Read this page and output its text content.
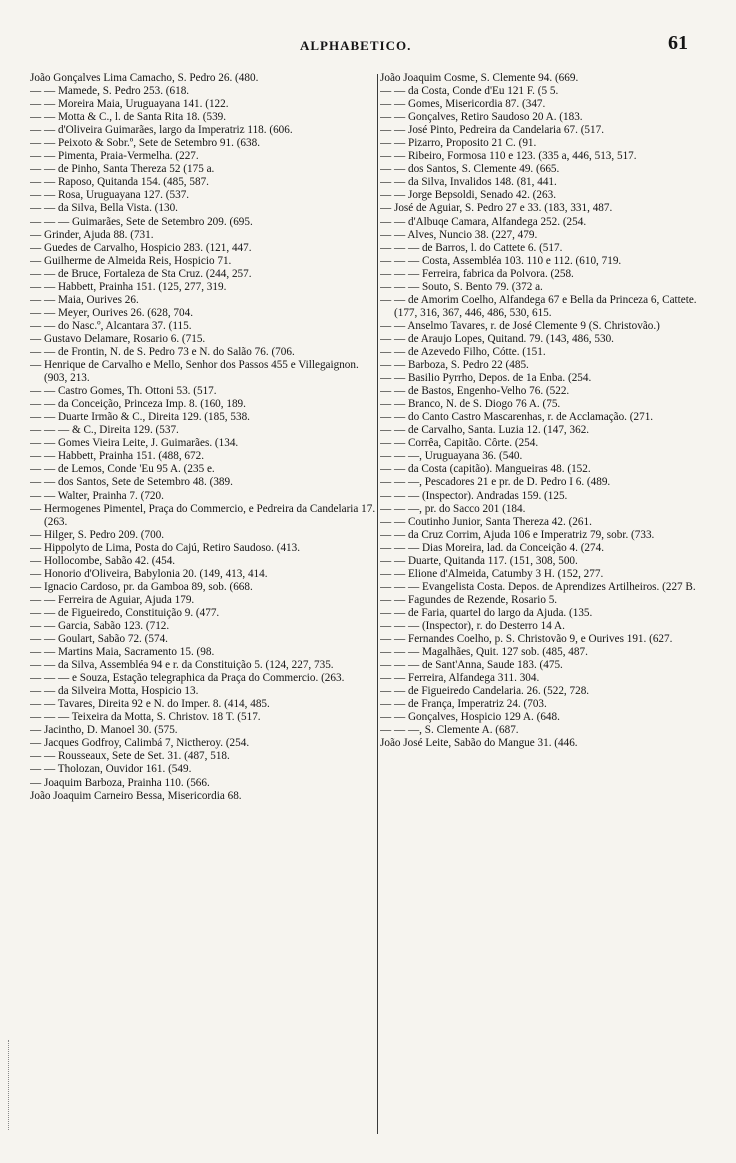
ALPHABETICO.	61

João Gonçalves Lima Camacho, S. Pedro 26. (480.

— — Mamede, S. Pedro 253. (618.

— — Moreira Maia, Uruguayana 141. (122.

— — Motta & C., l. de Santa Rita 18. (539.

— — d'Oliveira Guimarães, largo da Imperatriz 118. (606.

— — Peixoto & Sobr.º, Sete de Setembro 91. (638.

— — Pimenta, Praia-Vermelha. (227.

— — de Pinho, Santa Thereza 52 (175 a.

— — Raposo, Quitanda 154. (485, 587.

— — Rosa, Uruguayana 127. (537.

— — da Silva, Bella Vista. (130.

— — — Guimarães, Sete de Setembro 209. (695.

— Grinder, Ajuda 88. (731.

— Guedes de Carvalho, Hospicio 283. (121, 447.

— Guilherme de Almeida Reis, Hospicio 71.

— — de Bruce, Fortaleza de Sta Cruz. (244, 257.

— — Habbett, Prainha 151. (125, 277, 319.

— — Maia, Ourives 26.

— — Meyer, Ourives 26. (628, 704.

— — do Nasc.º, Alcantara 37. (115.

— Gustavo Delamare, Rosario 6. (715.

— — de Frontin, N. de S. Pedro 73 e N. do Salão 76. (706.

— Henrique de Carvalho e Mello, Senhor dos Passos 455 e Villegaignon. (903, 213.

— — Castro Gomes, Th. Ottoni 53. (517.

— — da Conceição, Princeza Imp. 8. (160, 189.

— — Duarte Irmão & C., Direita 129. (185, 538.

— — — & C., Direita 129. (537.

— — Gomes Vieira Leite, J. Guimarães. (134.

— — Habbett, Prainha 151. (488, 672.

— — de Lemos, Conde 'Eu 95 A. (235 e.

— — dos Santos, Sete de Setembro 48. (389.

— — Walter, Prainha 7. (720.

— Hermogenes Pimentel, Praça do Commercio, e Pedreira da Candelaria 17. (263.

— Hilger, S. Pedro 209. (700.

— Hippolyto de Lima, Posta do Cajú, Retiro Saudoso. (413.

— Hollocombe, Sabão 42. (454.

— Honorio d'Oliveira, Babylonia 20. (149, 413, 414.

— Ignacio Cardoso, pr. da Gamboa 89, sob. (668.

— — Ferreira de Aguiar, Ajuda 179.

— — de Figueiredo, Constituição 9. (477.

— — Garcia, Sabão 123. (712.

— — Goulart, Sabão 72. (574.

— — Martins Maia, Sacramento 15. (98.

— — da Silva, Assembléa 94 e r. da Constituição 5. (124, 227, 735.

— — — e Souza, Estação telegraphica da Praça do Commercio. (263.

— — da Silveira Motta, Hospicio 13.

— — Tavares, Direita 92 e N. do Imper. 8. (414, 485.

— — — Teixeira da Motta, S. Christov. 18 T. (517.

— Jacintho, D. Manoel 30. (575.

— Jacques Godfroy, Calimbá 7, Nictheroy. (254.

— — Rousseaux, Sete de Set. 31. (487, 518.

— — Tholozan, Ouvidor 161. (549.

— Joaquim Barboza, Prainha 110. (566.

João Joaquim Carneiro Bessa, Misericordia 68.

João Joaquim Cosme, S. Clemente 94. (669.

— — da Costa, Conde d'Eu 121 F. (5 5.

— — Gomes, Misericordia 87. (347.

— — Gonçalves, Retiro Saudoso 20 A. (183.

— — José Pinto, Pedreira da Candelaria 67. (517.

— — Pizarro, Proposito 21 C. (91.

— — Ribeiro, Formosa 110 e 123. (335 a, 446, 513, 517.

— — dos Santos, S. Clemente 49. (665.

— — da Silva, Invalidos 148. (81, 441.

— — Jorge Bepsoldi, Senado 42. (263.

— José de Aguiar, S. Pedro 27 e 33. (183, 331, 487.

— — d'Albuqe Camara, Alfandega 252. (254.

— — Alves, Nuncio 38. (227, 479.

— — — de Barros, l. do Cattete 6. (517.

— — — Costa, Assembléa 103. 110 e 112. (610, 719.

— — — Ferreira, fabrica da Polvora. (258.

— — — Souto, S. Bento 79. (372 a.

— — de Amorim Coelho, Alfandega 67 e Bella da Princeza 6, Cattete. (177, 316, 367, 446, 486, 530, 615.

— — Anselmo Tavares, r. de José Clemente 9 (S. Christovão.)

— — de Araujo Lopes, Quitand. 79. (143, 486, 530.

— — de Azevedo Filho, Cótte. (151.

— — Barboza, S. Pedro 22 (485.

— — Basilio Pyrrho, Depos. de 1a Enba. (254.

— — de Bastos, Engenho-Velho 76. (522.

— — Branco, N. de S. Diogo 76 A. (75.

— — do Canto Castro Mascarenhas, r. de Acclamação. (271.

— — de Carvalho, Santa. Luzia 12. (147, 362.

— — Corrêa, Capitão. Côrte. (254.

— — —, Uruguayana 36. (540.

— — da Costa (capitão). Mangueiras 48. (152.

— — —, Pescadores 21 e pr. de D. Pedro I 6. (489.

— — — (Inspector). Andradas 159. (125.

— — —, pr. do Sacco 201 (184.

— — Coutinho Junior, Santa Thereza 42. (261.

— — da Cruz Corrim, Ajuda 106 e Imperatriz 79, sobr. (733.

— — — Dias Moreira, lad. da Conceição 4. (274.

— — Duarte, Quitanda 117. (151, 308, 500.

— — Elione d'Almeida, Catumby 3 H. (152, 277.

— — — Evangelista Costa. Depos. de Aprendizes Artilheiros. (227 B.

— — Fagundes de Rezende, Rosario 5.

— — de Faria, quartel do largo da Ajuda. (135.

— — — (Inspector), r. do Desterro 14 A.

— — Fernandes Coelho, p. S. Christovão 9, e Ourives 191. (627.

— — — Magalhães, Quit. 127 sob. (485, 487.

— — — de Sant'Anna, Saude 183. (475.

— — Ferreira, Alfandega 311. 304.

— — de Figueiredo Candelaria. 26. (522, 728.

— — de França, Imperatriz 24. (703.

— — Gonçalves, Hospicio 129 A. (648.

— — —, S. Clemente A. (687.

João José Leite, Sabão do Mangue 31. (446.
